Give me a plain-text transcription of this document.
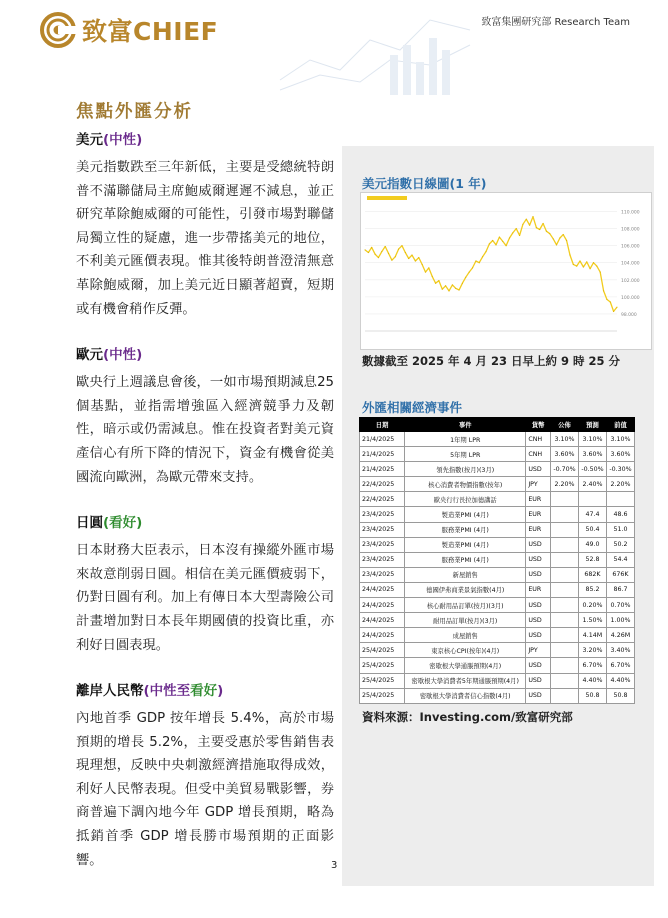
致富CHIEF	致富集團研究部 Research Team
焦點外匯分析
美元(中性)
美元指數跌至三年新低，主要是受總統特朗普不滿聯儲局主席鮑威爾遲遲不減息，並正研究革除鮑威爾的可能性，引發市場對聯儲局獨立性的疑慮，進一步帶搖美元的地位，不利美元匯價表現。惟其後特朗普澄清無意革除鮑威爾，加上美元近日顯著超賣，短期或有機會稍作反彈。
歐元(中性)
歐央行上週議息會後，一如市場預期減息25 個基點，並指需增強區入經濟競爭力及韌性，暗示或仍需減息。惟在投資者對美元資產信心有所下降的情況下，資金有機會從美國流向歐洲，為歐元帶來支持。
日圓(看好)
日本財務大臣表示，日本沒有操縱外匯市場來故意削弱日圓。相信在美元匯價疲弱下，仍對日圓有利。加上有傳日本大型壽險公司計畫增加對日本長年期國債的投資比重，亦利好日圓表現。
離岸人民幣(中性至看好)
內地首季 GDP 按年增長 5.4%，高於市場預期的增長 5.2%，主要受惠於零售銷售表現理想，反映中央刺激經濟措施取得成效，利好人民幣表現。但受中美貿易戰影響，券商普遍下調內地今年 GDP 增長預期，略為抵銷首季 GDP 增長勝市場預期的正面影響。	3
美元指數日線圖(1 年)
98.000
100.000
102.000
104.000
106.000
108.000
110.000
數據截至 2025 年 4 月 23 日早上約 9 時 25 分
外匯相關經濟事件
日期	事件	貨幣	公佈	預測	前值
21/4/2025	1年期 LPR	CNH	3.10%	3.10%	3.10%
21/4/2025	5年期 LPR	CNH	3.60%	3.60%	3.60%
21/4/2025	領先指數(按月)(3月)	USD	-0.70%	-0.50%	-0.30%
22/4/2025	核心消費者物價指數(按年)	JPY	2.20%	2.40%	2.20%
22/4/2025	歐央行行長拉加德講話	EUR			
23/4/2025	製造業PMI (4月)	EUR		47.4	48.6
23/4/2025	服務業PMI (4月)	EUR		50.4	51.0
23/4/2025	製造業PMI (4月)	USD		49.0	50.2
23/4/2025	服務業PMI (4月)	USD		52.8	54.4
23/4/2025	新屋銷售	USD		682K	676K
24/4/2025	德國伊弗商業景氣指數(4月)	EUR		85.2	86.7
24/4/2025	核心耐用品訂單(按月)(3月)	USD		0.20%	0.70%
24/4/2025	耐用品訂單(按月)(3月)	USD		1.50%	1.00%
24/4/2025	成屋銷售	USD		4.14M	4.26M
25/4/2025	東京核心CPI(按年)(4月)	JPY		3.20%	3.40%
25/4/2025	密歇根大學通脹預期(4月)	USD		6.70%	6.70%
25/4/2025	密歇根大學消費者5年期通脹預期(4月)	USD		4.40%	4.40%
25/4/2025	密歇根大學消費者信心指數(4月)	USD		50.8	50.8
資料來源：Investing.com/致富研究部
